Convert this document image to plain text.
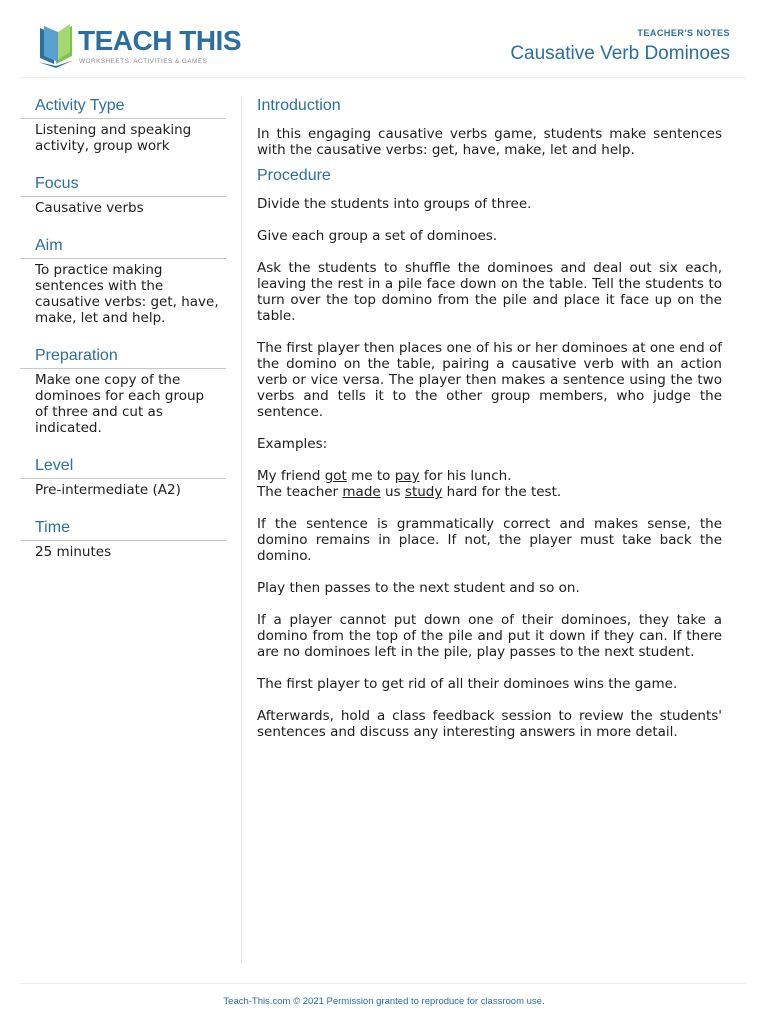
TEACH THIS
WORKSHEETS, ACTIVITIES & GAMES
TEACHER'S NOTES
Causative Verb Dominoes
Activity Type
Listening and speaking activity, group work
Focus
Causative verbs
Aim
To practice making sentences with the causative verbs: get, have, make, let and help.
Preparation
Make one copy of the dominoes for each group of three and cut as indicated.
Level
Pre-intermediate (A2)
Time
25 minutes
Introduction

In this engaging causative verbs game, students make sentences with the causative verbs: get, have, make, let and help.

Procedure

Divide the students into groups of three.

Give each group a set of dominoes.

Ask the students to shuffle the dominoes and deal out six each, leaving the rest in a pile face down on the table. Tell the students to turn over the top domino from the pile and place it face up on the table.

The first player then places one of his or her dominoes at one end of the domino on the table, pairing a causative verb with an action verb or vice versa. The player then makes a sentence using the two verbs and tells it to the other group members, who judge the sentence.

Examples:

My friend got me to pay for his lunch.
The teacher made us study hard for the test.

If the sentence is grammatically correct and makes sense, the domino remains in place. If not, the player must take back the domino.

Play then passes to the next student and so on.

If a player cannot put down one of their dominoes, they take a domino from the top of the pile and put it down if they can. If there are no dominoes left in the pile, play passes to the next student.

The first player to get rid of all their dominoes wins the game.

Afterwards, hold a class feedback session to review the students' sentences and discuss any interesting answers in more detail.

Teach-This.com © 2021 Permission granted to reproduce for classroom use.
